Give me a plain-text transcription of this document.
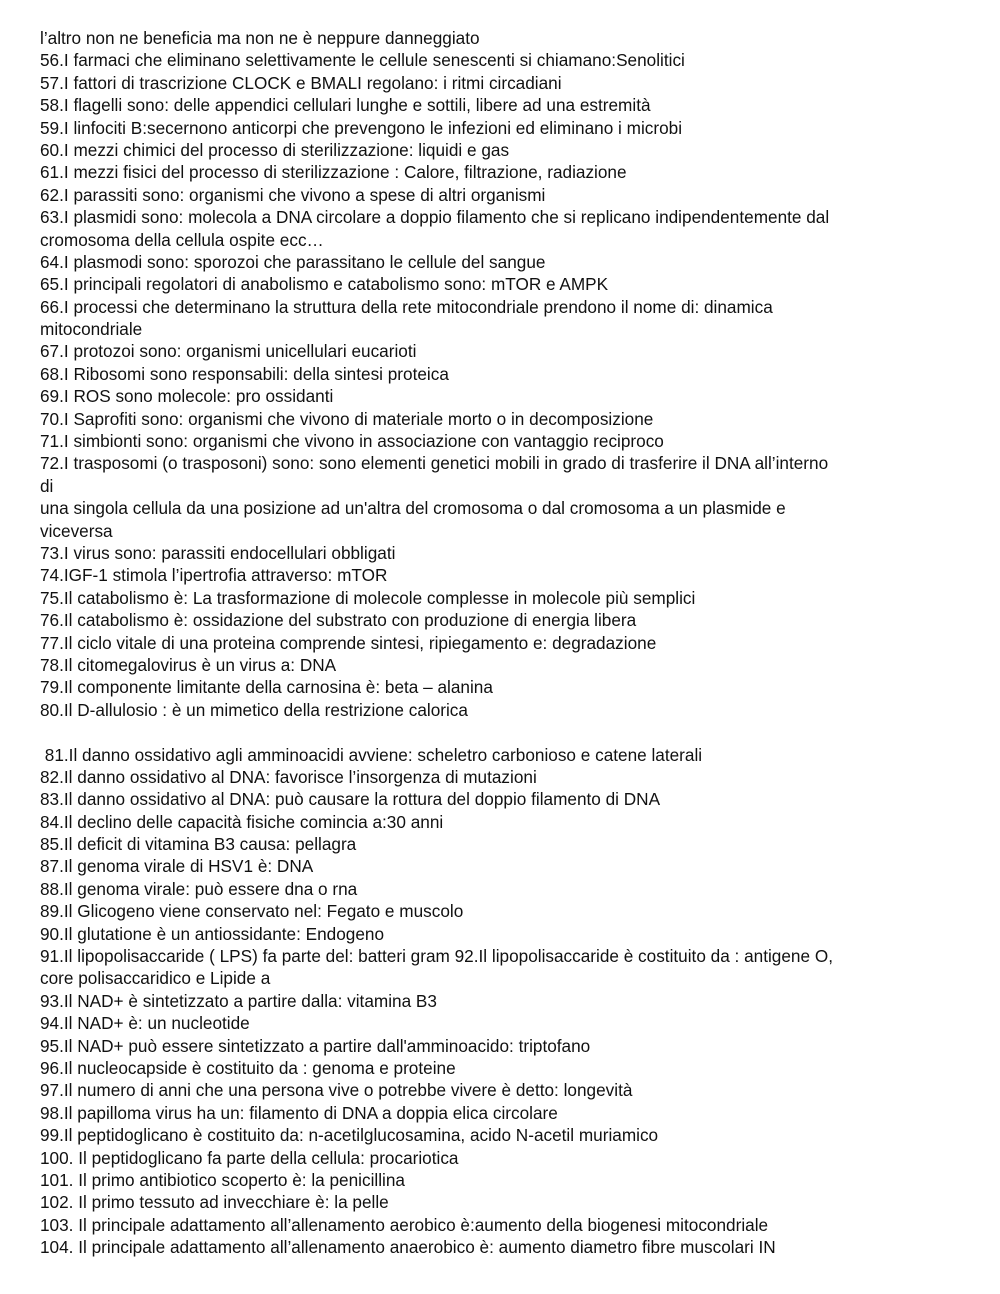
l’altro non ne beneficia ma non ne è neppure danneggiato
56.I farmaci che eliminano selettivamente le cellule senescenti si chiamano:Senolitici
57.I fattori di trascrizione CLOCK e BMALI regolano: i ritmi circadiani
58.I flagelli sono: delle appendici cellulari lunghe e sottili, libere ad una estremità
59.I linfociti B:secernono anticorpi che prevengono le infezioni ed eliminano i microbi
60.I mezzi chimici del processo di sterilizzazione: liquidi e gas
61.I mezzi fisici del processo di sterilizzazione : Calore, filtrazione, radiazione
62.I parassiti sono: organismi che vivono a spese di altri organismi
63.I plasmidi sono: molecola a DNA circolare a doppio filamento che si replicano indipendentemente dal
cromosoma della cellula ospite ecc…
64.I plasmodi sono: sporozoi che parassitano le cellule del sangue
65.I principali regolatori di anabolismo e catabolismo sono: mTOR e AMPK
66.I processi che determinano la struttura della rete mitocondriale prendono il nome di: dinamica
mitocondriale
67.I protozoi sono: organismi unicellulari eucarioti
68.I Ribosomi sono responsabili: della sintesi proteica
69.I ROS sono molecole: pro ossidanti
70.I Saprofiti sono: organismi che vivono di materiale morto o in decomposizione
71.I simbionti sono: organismi che vivono in associazione con vantaggio reciproco
72.I trasposomi (o trasposoni) sono: sono elementi genetici mobili in grado di trasferire il DNA all’interno
di
una singola cellula da una posizione ad un'altra del cromosoma o dal cromosoma a un plasmide e
viceversa
73.I virus sono: parassiti endocellulari obbligati
74.IGF-1 stimola l’ipertrofia attraverso: mTOR
75.Il catabolismo è: La trasformazione di molecole complesse in molecole più semplici
76.Il catabolismo è: ossidazione del substrato con produzione di energia libera
77.Il ciclo vitale di una proteina comprende sintesi, ripiegamento e: degradazione
78.Il citomegalovirus è un virus a: DNA
79.Il componente limitante della carnosina è: beta – alanina
80.Il D-allulosio : è un mimetico della restrizione calorica
81.Il danno ossidativo agli amminoacidi avviene: scheletro carbonioso e catene laterali
82.Il danno ossidativo al DNA: favorisce l’insorgenza di mutazioni
83.Il danno ossidativo al DNA: può causare la rottura del doppio filamento di DNA
84.Il declino delle capacità fisiche comincia a:30 anni
85.Il deficit di vitamina B3 causa: pellagra
87.Il genoma virale di HSV1 è: DNA
88.Il genoma virale: può essere dna o rna
89.Il Glicogeno viene conservato nel: Fegato e muscolo
90.Il glutatione è un antiossidante: Endogeno
91.Il lipopolisaccaride ( LPS) fa parte del: batteri gram 92.Il lipopolisaccaride è costituito da : antigene O,
core polisaccaridico e Lipide a
93.Il NAD+ è sintetizzato a partire dalla: vitamina B3
94.Il NAD+ è: un nucleotide
95.Il NAD+ può essere sintetizzato a partire dall'amminoacido: triptofano
96.Il nucleocapside è costituito da : genoma e proteine
97.Il numero di anni che una persona vive o potrebbe vivere è detto: longevità
98.Il papilloma virus ha un: filamento di DNA a doppia elica circolare
99.Il peptidoglicano è costituito da: n-acetilglucosamina, acido N-acetil muriamico
100. Il peptidoglicano fa parte della cellula: procariotica
101. Il primo antibiotico scoperto è: la penicillina
102. Il primo tessuto ad invecchiare è: la pelle
103. Il principale adattamento all’allenamento aerobico è:aumento della biogenesi mitocondriale
104. Il principale adattamento all’allenamento anaerobico è: aumento diametro fibre muscolari IN
